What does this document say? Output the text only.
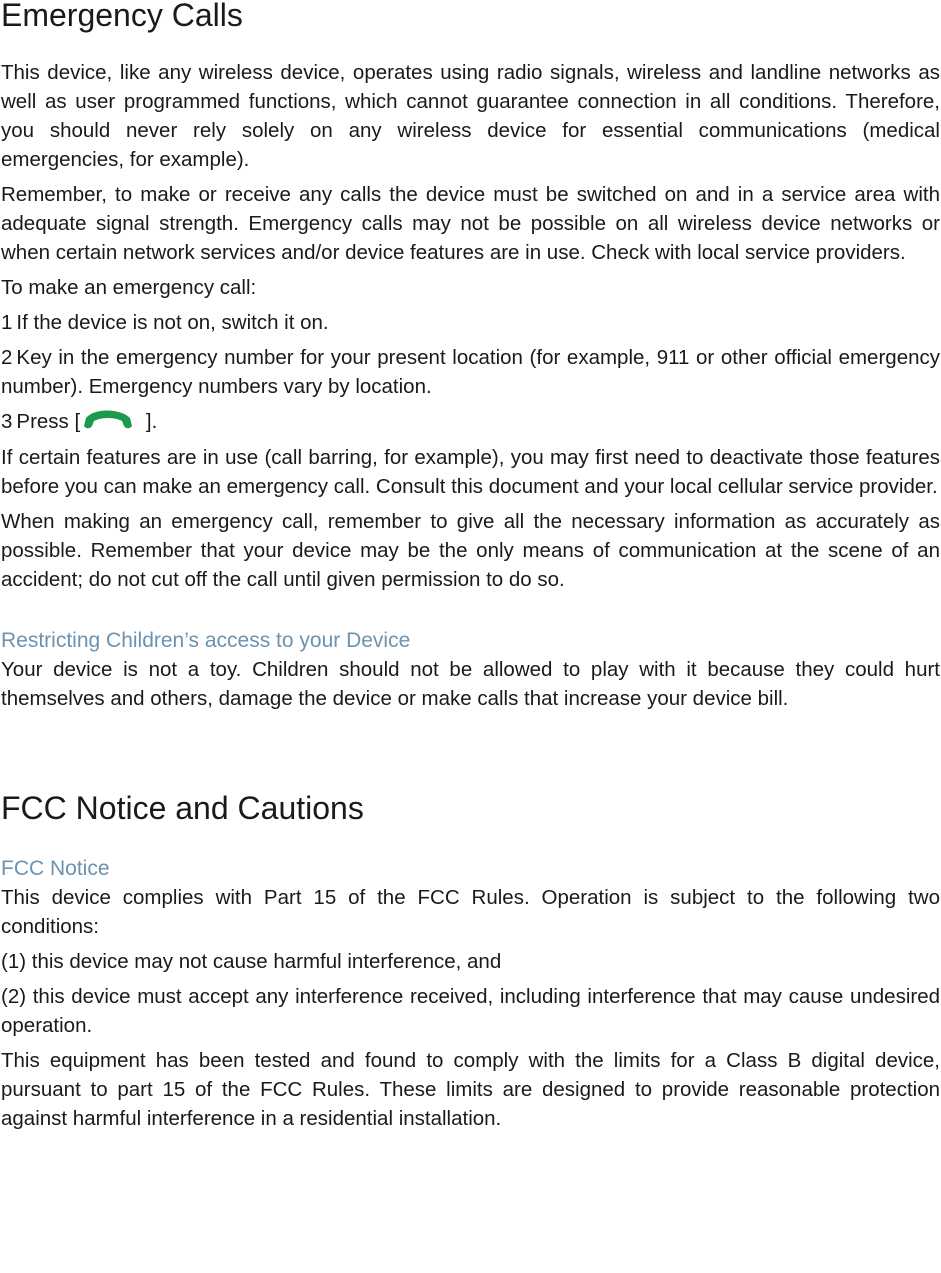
Emergency Calls

This device, like any wireless device, operates using radio signals, wireless and landline networks as well as user programmed functions, which cannot guarantee connection in all conditions. Therefore, you should never rely solely on any wireless device for essential communications (medical emergencies, for example).

Remember, to make or receive any calls the device must be switched on and in a service area with adequate signal strength. Emergency calls may not be possible on all wireless device networks or when certain network services and/or device features are in use. Check with local service providers.

To make an emergency call:

1 If the device is not on, switch it on.

2 Key in the emergency number for your present location (for example, 911 or other official emergency number). Emergency numbers vary by location.

3 Press [	].

If certain features are in use (call barring, for example), you may first need to deactivate those features before you can make an emergency call. Consult this document and your local cellular service provider.

When making an emergency call, remember to give all the necessary information as accurately as possible. Remember that your device may be the only means of communication at the scene of an accident; do not cut off the call until given permission to do so.

Restricting Children’s access to your Device

Your device is not a toy. Children should not be allowed to play with it because they could hurt themselves and others, damage the device or make calls that increase your device bill.

FCC Notice and Cautions
FCC Notice

This device complies with Part 15 of the FCC Rules. Operation is subject to the following two conditions:

(1) this device may not cause harmful interference, and

(2) this device must accept any interference received, including interference that may cause undesired operation.

This equipment has been tested and found to comply with the limits for a Class B digital device, pursuant to part 15 of the FCC Rules. These limits are designed to provide reasonable protection against harmful interference in a residential installation.
